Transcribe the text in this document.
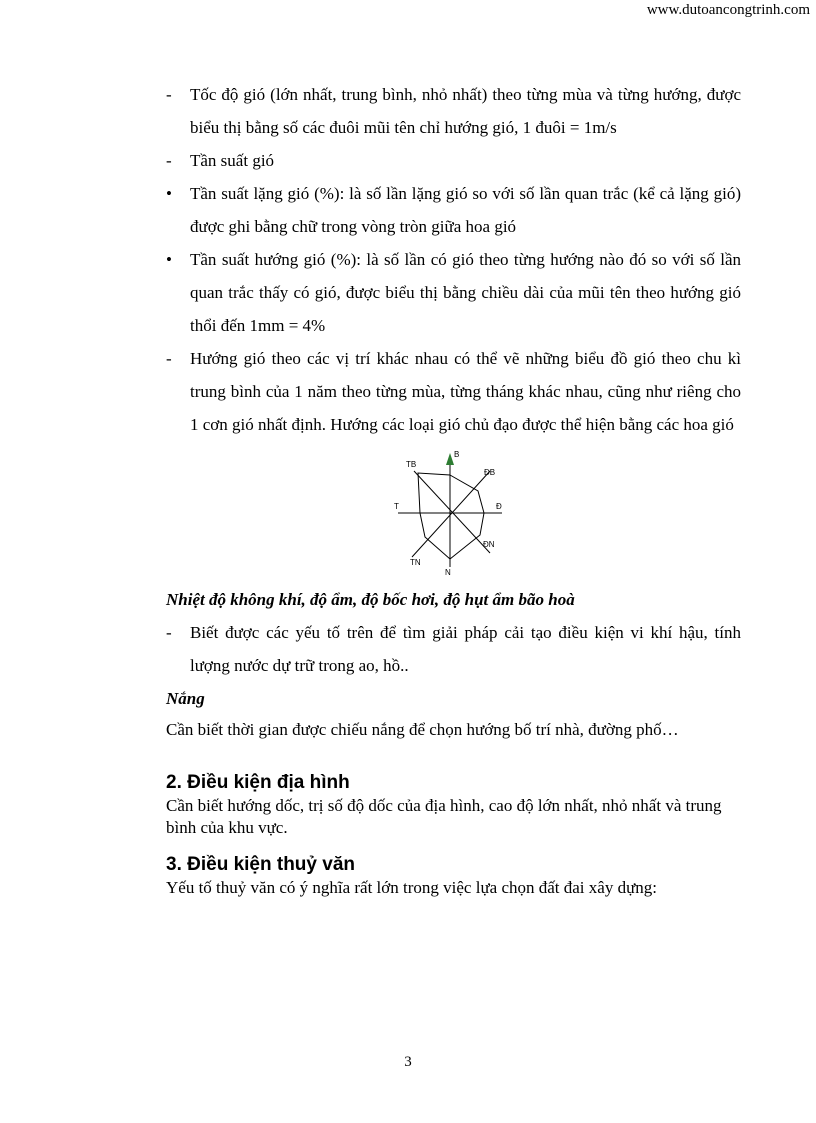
www.dutoancongtrinh.com
- Tốc độ gió (lớn nhất, trung bình, nhỏ nhất) theo từng mùa và từng hướng, được biểu thị bằng số các đuôi mũi tên chỉ hướng gió, 1 đuôi = 1m/s
- Tần suất gió
• Tần suất lặng gió (%): là số lần lặng gió so với số lần quan trắc (kể cả lặng gió) được ghi bằng chữ trong vòng tròn giữa hoa gió
• Tần suất hướng gió (%): là số lần có gió theo từng hướng nào đó so với số lần quan trắc thấy có gió, được biểu thị bằng chiều dài của mũi tên theo hướng gió thổi đến 1mm = 4%
- Hướng gió theo các vị trí khác nhau có thể vẽ những biểu đồ gió theo chu kì trung bình của 1 năm theo từng mùa, từng tháng khác nhau, cũng như riêng cho 1 cơn gió nhất định. Hướng các loại gió chủ đạo được thể hiện bằng các hoa gió
B
ĐB
Đ
ĐN
N
TN
T
TB
Nhiệt độ không khí, độ ẩm, độ bốc hơi, độ hụt ẩm bão hoà
- Biết được các yếu tố trên để tìm giải pháp cải tạo điều kiện vi khí hậu, tính lượng nước dự trữ trong ao, hồ..
Nắng
Cần biết thời gian được chiếu nắng để chọn hướng bố trí nhà, đường phố…
2. Điều kiện địa hình
Cần biết hướng dốc, trị số độ dốc của địa hình, cao độ lớn nhất, nhỏ nhất và trung bình của khu vực.
3. Điều kiện thuỷ văn
Yếu tố thuỷ văn có ý nghĩa rất lớn trong việc lựa chọn đất đai xây dựng:
3
